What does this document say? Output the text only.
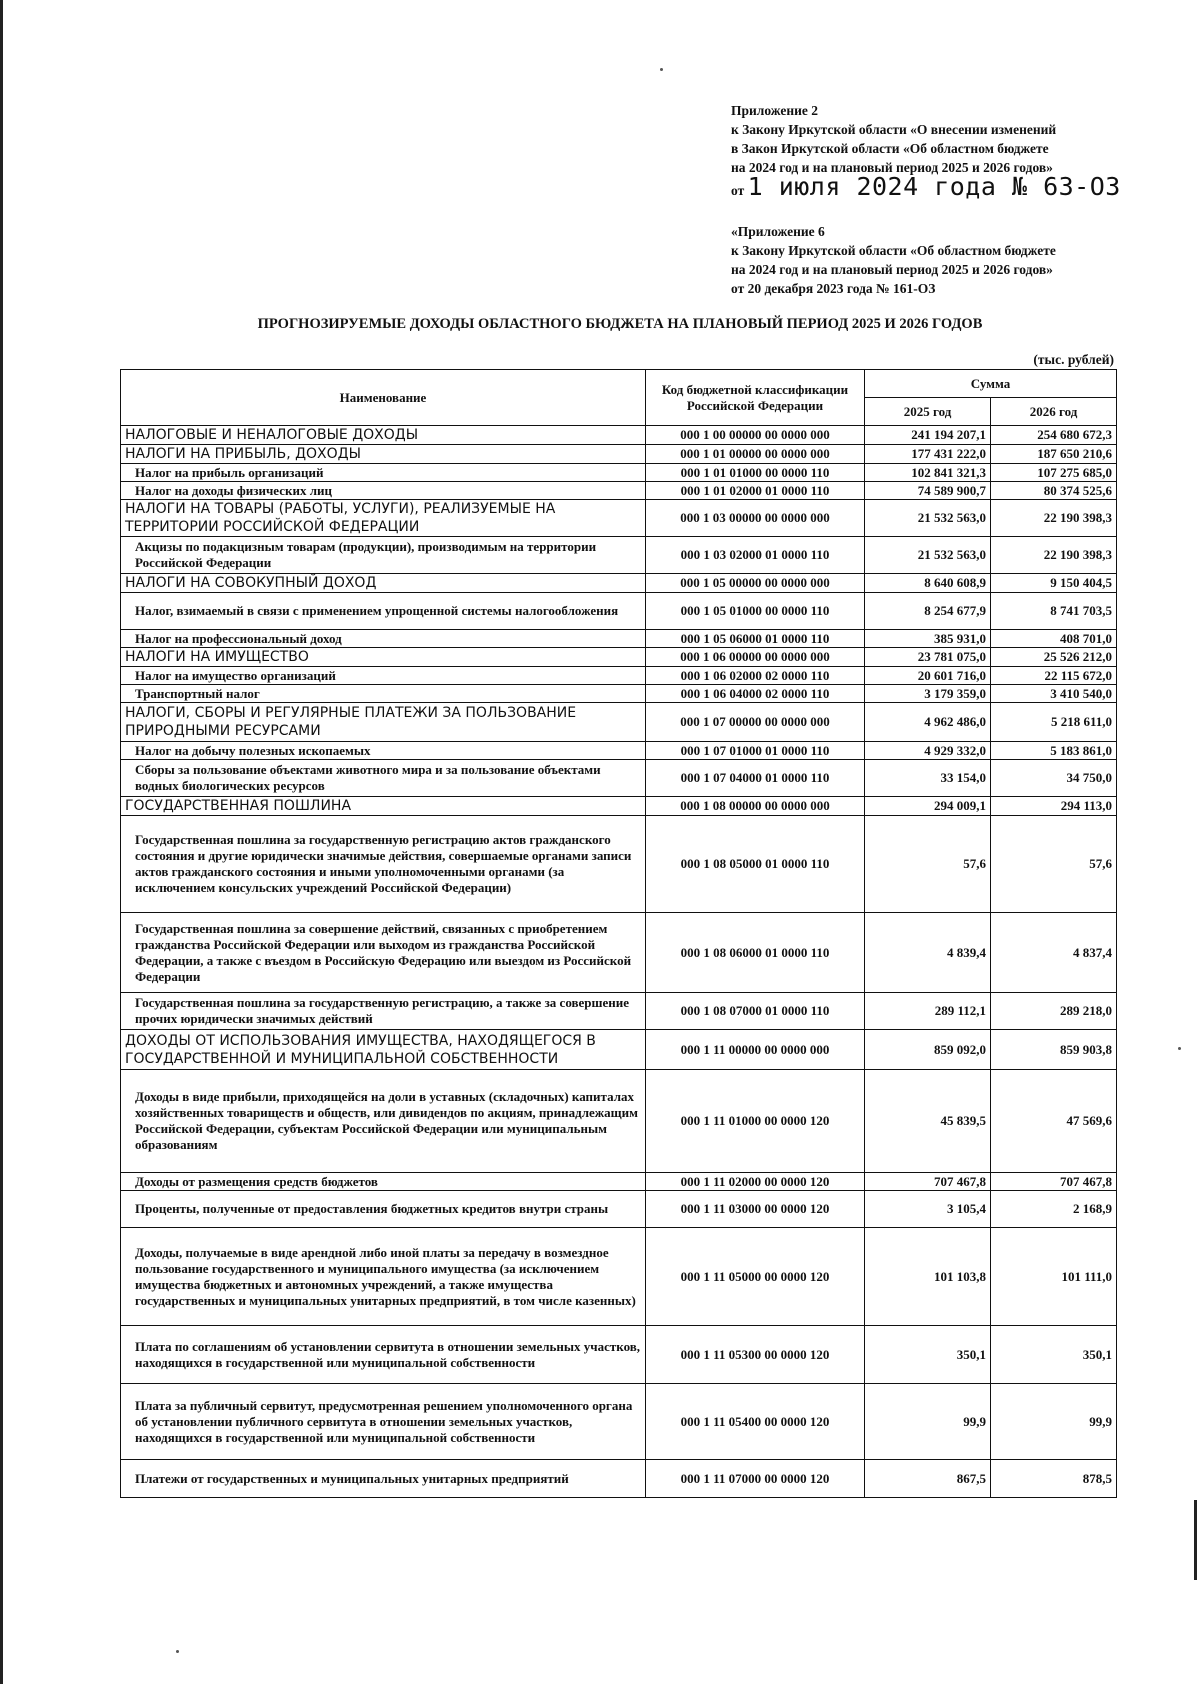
Приложение 2
к Закону Иркутской области «О внесении изменений
в Закон Иркутской области «Об областном бюджете
на 2024 год и на плановый период 2025 и 2026 годов»
от 1 июля 2024 года № 63-ОЗ
«Приложение 6
к Закону Иркутской области «Об областном бюджете
на 2024 год и на плановый период 2025 и 2026 годов»
от 20 декабря 2023 года № 161-ОЗ
ПРОГНОЗИРУЕМЫЕ ДОХОДЫ ОБЛАСТНОГО БЮДЖЕТА НА ПЛАНОВЫЙ ПЕРИОД 2025 И 2026 ГОДОВ
(тыс. рублей)
Наименование	Код бюджетной классификации Российской Федерации	Сумма	
		2025 год	2026 год
НАЛОГОВЫЕ И НЕНАЛОГОВЫЕ ДОХОДЫ	000 1 00 00000 00 0000 000	241 194 207,1	254 680 672,3
НАЛОГИ НА ПРИБЫЛЬ, ДОХОДЫ	000 1 01 00000 00 0000 000	177 431 222,0	187 650 210,6
Налог на прибыль организаций	000 1 01 01000 00 0000 110	102 841 321,3	107 275 685,0
Налог на доходы физических лиц	000 1 01 02000 01 0000 110	74 589 900,7	80 374 525,6
НАЛОГИ НА ТОВАРЫ (РАБОТЫ, УСЛУГИ), РЕАЛИЗУЕМЫЕ НА ТЕРРИТОРИИ РОССИЙСКОЙ ФЕДЕРАЦИИ	000 1 03 00000 00 0000 000	21 532 563,0	22 190 398,3
Акцизы по подакцизным товарам (продукции), производимым на территории Российской Федерации	000 1 03 02000 01 0000 110	21 532 563,0	22 190 398,3
НАЛОГИ НА СОВОКУПНЫЙ ДОХОД	000 1 05 00000 00 0000 000	8 640 608,9	9 150 404,5
Налог, взимаемый в связи с применением упрощенной системы налогообложения	000 1 05 01000 00 0000 110	8 254 677,9	8 741 703,5
Налог на профессиональный доход	000 1 05 06000 01 0000 110	385 931,0	408 701,0
НАЛОГИ НА ИМУЩЕСТВО	000 1 06 00000 00 0000 000	23 781 075,0	25 526 212,0
Налог на имущество организаций	000 1 06 02000 02 0000 110	20 601 716,0	22 115 672,0
Транспортный налог	000 1 06 04000 02 0000 110	3 179 359,0	3 410 540,0
НАЛОГИ, СБОРЫ И РЕГУЛЯРНЫЕ ПЛАТЕЖИ ЗА ПОЛЬЗОВАНИЕ ПРИРОДНЫМИ РЕСУРСАМИ	000 1 07 00000 00 0000 000	4 962 486,0	5 218 611,0
Налог на добычу полезных ископаемых	000 1 07 01000 01 0000 110	4 929 332,0	5 183 861,0
Сборы за пользование объектами животного мира и за пользование объектами водных биологических ресурсов	000 1 07 04000 01 0000 110	33 154,0	34 750,0
ГОСУДАРСТВЕННАЯ ПОШЛИНА	000 1 08 00000 00 0000 000	294 009,1	294 113,0
Государственная пошлина за государственную регистрацию актов гражданского состояния и другие юридически значимые действия, совершаемые органами записи актов гражданского состояния и иными уполномоченными органами (за исключением консульских учреждений Российской Федерации)	000 1 08 05000 01 0000 110	57,6	57,6
Государственная пошлина за совершение действий, связанных с приобретением гражданства Российской Федерации или выходом из гражданства Российской Федерации, а также с въездом в Российскую Федерацию или выездом из Российской Федерации	000 1 08 06000 01 0000 110	4 839,4	4 837,4
Государственная пошлина за государственную регистрацию, а также за совершение прочих юридически значимых действий	000 1 08 07000 01 0000 110	289 112,1	289 218,0
ДОХОДЫ ОТ ИСПОЛЬЗОВАНИЯ ИМУЩЕСТВА, НАХОДЯЩЕГОСЯ В ГОСУДАРСТВЕННОЙ И МУНИЦИПАЛЬНОЙ СОБСТВЕННОСТИ	000 1 11 00000 00 0000 000	859 092,0	859 903,8
Доходы в виде прибыли, приходящейся на доли в уставных (складочных) капиталах хозяйственных товариществ и обществ, или дивидендов по акциям, принадлежащим Российской Федерации, субъектам Российской Федерации или муниципальным образованиям	000 1 11 01000 00 0000 120	45 839,5	47 569,6
Доходы от размещения средств бюджетов	000 1 11 02000 00 0000 120	707 467,8	707 467,8
Проценты, полученные от предоставления бюджетных кредитов внутри страны	000 1 11 03000 00 0000 120	3 105,4	2 168,9
Доходы, получаемые в виде арендной либо иной платы за передачу в возмездное пользование государственного и муниципального имущества (за исключением имущества бюджетных и автономных учреждений, а также имущества государственных и муниципальных унитарных предприятий, в том числе казенных)	000 1 11 05000 00 0000 120	101 103,8	101 111,0
Плата по соглашениям об установлении сервитута в отношении земельных участков, находящихся в государственной или муниципальной собственности	000 1 11 05300 00 0000 120	350,1	350,1
Плата за публичный сервитут, предусмотренная решением уполномоченного органа об установлении публичного сервитута в отношении земельных участков, находящихся в государственной или муниципальной собственности	000 1 11 05400 00 0000 120	99,9	99,9
Платежи от государственных и муниципальных унитарных предприятий	000 1 11 07000 00 0000 120	867,5	878,5
